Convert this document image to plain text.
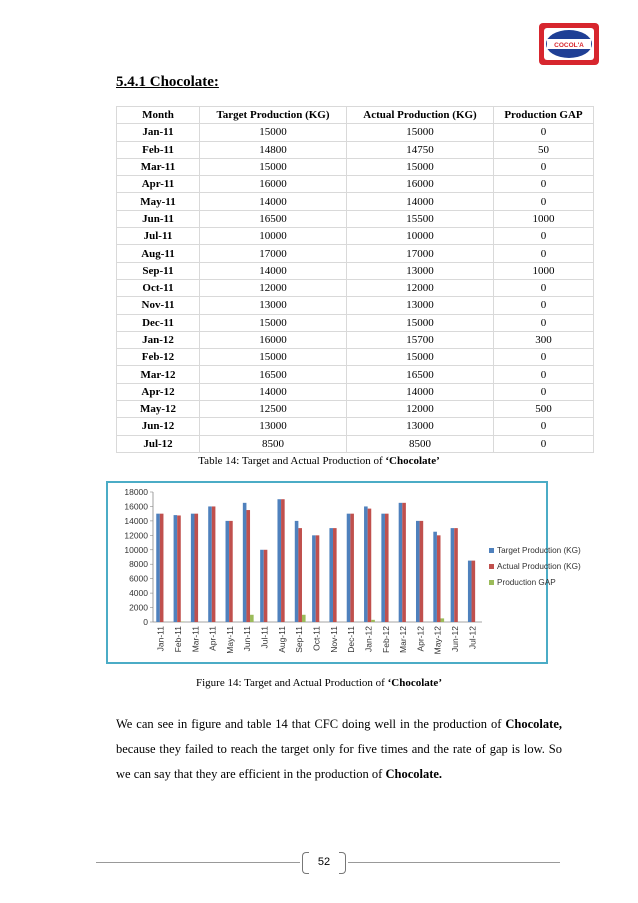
COCOL'A
5.4.1 Chocolate:
Month	Target Production (KG)	Actual Production (KG)	Production GAP
Jan-11	15000	15000	0
Feb-11	14800	14750	50
Mar-11	15000	15000	0
Apr-11	16000	16000	0
May-11	14000	14000	0
Jun-11	16500	15500	1000
Jul-11	10000	10000	0
Aug-11	17000	17000	0
Sep-11	14000	13000	1000
Oct-11	12000	12000	0
Nov-11	13000	13000	0
Dec-11	15000	15000	0
Jan-12	16000	15700	300
Feb-12	15000	15000	0
Mar-12	16500	16500	0
Apr-12	14000	14000	0
May-12	12500	12000	500
Jun-12	13000	13000	0
Jul-12	8500	8500	0
Table 14: Target and Actual Production of ‘Chocolate’
0
2000
4000
6000
8000
10000
12000
14000
16000
18000
Jan-11 Feb-11 Mar-11 Apr-11 May-11 Jun-11 Jul-11 Aug-11 Sep-11 Oct-11 Nov-11 Dec-11 Jan-12 Feb-12 Mar-12 Apr-12 May-12 Jun-12 Jul-12
Target Production (KG)
Actual Production (KG)
Production GAP
Figure 14: Target and Actual Production of ‘Chocolate’

We can see in figure and table 14 that CFC doing well in the production of Chocolate, because they failed to reach the target only for five times and the rate of gap is low. So we can say that they are efficient in the production of Chocolate.

52
